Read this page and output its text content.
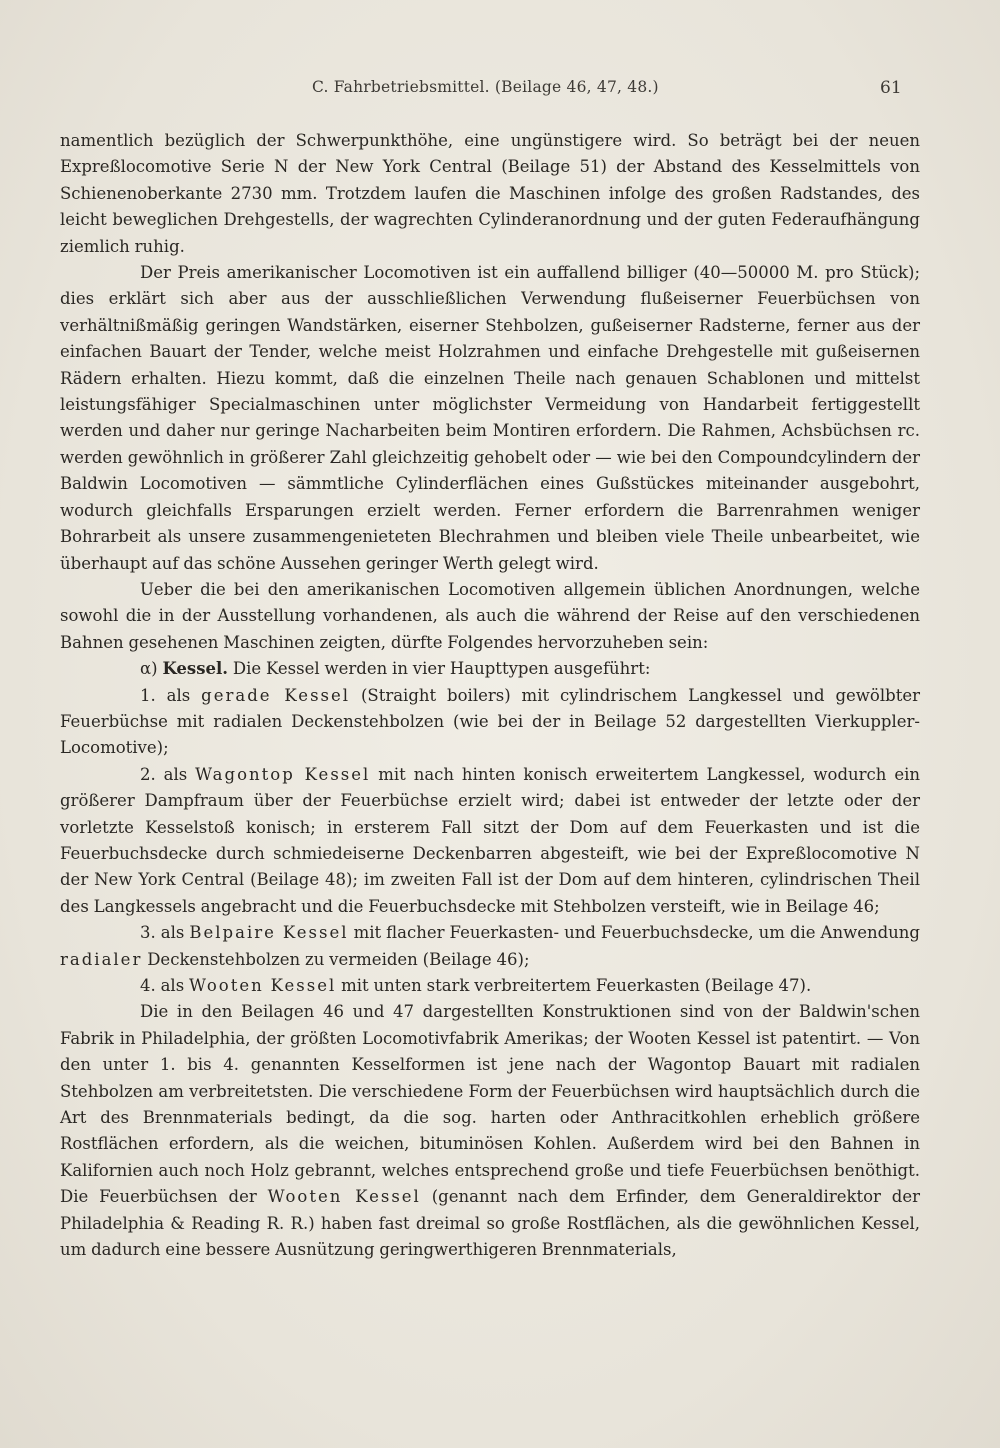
C. Fahrbetriebsmittel. (Beilage 46, 47, 48.)	61

namentlich bezüglich der Schwerpunkthöhe, eine ungünstigere wird. So beträgt bei der neuen Expreßlocomotive Serie N der New York Central (Beilage 51) der Abstand des Kesselmittels von Schienenoberkante 2730 mm. Trotzdem laufen die Maschinen infolge des großen Radstandes, des leicht beweglichen Drehgestells, der wagrechten Cylinderanordnung und der guten Federaufhängung ziemlich ruhig.

Der Preis amerikanischer Locomotiven ist ein auffallend billiger (40—50000 M. pro Stück); dies erklärt sich aber aus der ausschließlichen Verwendung flußeiserner Feuerbüchsen von verhältnißmäßig geringen Wandstärken, eiserner Stehbolzen, gußeiserner Radsterne, ferner aus der einfachen Bauart der Tender, welche meist Holzrahmen und einfache Drehgestelle mit gußeisernen Rädern erhalten. Hiezu kommt, daß die einzelnen Theile nach genauen Schablonen und mittelst leistungsfähiger Specialmaschinen unter möglichster Vermeidung von Handarbeit fertiggestellt werden und daher nur geringe Nacharbeiten beim Montiren erfordern. Die Rahmen, Achsbüchsen rc. werden gewöhnlich in größerer Zahl gleichzeitig gehobelt oder — wie bei den Compoundcylindern der Baldwin Locomotiven — sämmtliche Cylinderflächen eines Gußstückes miteinander ausgebohrt, wodurch gleichfalls Ersparungen erzielt werden. Ferner erfordern die Barrenrahmen weniger Bohrarbeit als unsere zusammengenieteten Blechrahmen und bleiben viele Theile unbearbeitet, wie überhaupt auf das schöne Aussehen geringer Werth gelegt wird.

Ueber die bei den amerikanischen Locomotiven allgemein üblichen Anordnungen, welche sowohl die in der Ausstellung vorhandenen, als auch die während der Reise auf den verschiedenen Bahnen gesehenen Maschinen zeigten, dürfte Folgendes hervorzuheben sein:

α) Kessel. Die Kessel werden in vier Haupttypen ausgeführt:

1. als gerade Kessel (Straight boilers) mit cylindrischem Langkessel und gewölbter Feuerbüchse mit radialen Deckenstehbolzen (wie bei der in Beilage 52 dargestellten Vierkuppler-Locomotive);

2. als Wagontop Kessel mit nach hinten konisch erweitertem Langkessel, wodurch ein größerer Dampfraum über der Feuerbüchse erzielt wird; dabei ist entweder der letzte oder der vorletzte Kesselstoß konisch; in ersterem Fall sitzt der Dom auf dem Feuerkasten und ist die Feuerbuchsdecke durch schmiedeiserne Deckenbarren abgesteift, wie bei der Expreßlocomotive N der New York Central (Beilage 48); im zweiten Fall ist der Dom auf dem hinteren, cylindrischen Theil des Langkessels angebracht und die Feuerbuchsdecke mit Stehbolzen versteift, wie in Beilage 46;

3. als Belpaire Kessel mit flacher Feuerkasten- und Feuerbuchsdecke, um die Anwendung radialer Deckenstehbolzen zu vermeiden (Beilage 46);

4. als Wooten Kessel mit unten stark verbreitertem Feuerkasten (Beilage 47).

Die in den Beilagen 46 und 47 dargestellten Konstruktionen sind von der Baldwin'schen Fabrik in Philadelphia, der größten Locomotivfabrik Amerikas; der Wooten Kessel ist patentirt. — Von den unter 1. bis 4. genannten Kesselformen ist jene nach der Wagontop Bauart mit radialen Stehbolzen am verbreitetsten. Die verschiedene Form der Feuerbüchsen wird hauptsächlich durch die Art des Brennmaterials bedingt, da die sog. harten oder Anthracitkohlen erheblich größere Rostflächen erfordern, als die weichen, bituminösen Kohlen. Außerdem wird bei den Bahnen in Kalifornien auch noch Holz gebrannt, welches entsprechend große und tiefe Feuerbüchsen benöthigt. Die Feuerbüchsen der Wooten Kessel (genannt nach dem Erfinder, dem Generaldirektor der Philadelphia & Reading R. R.) haben fast dreimal so große Rostflächen, als die gewöhnlichen Kessel, um dadurch eine bessere Ausnützung geringwerthigeren Brennmaterials,
